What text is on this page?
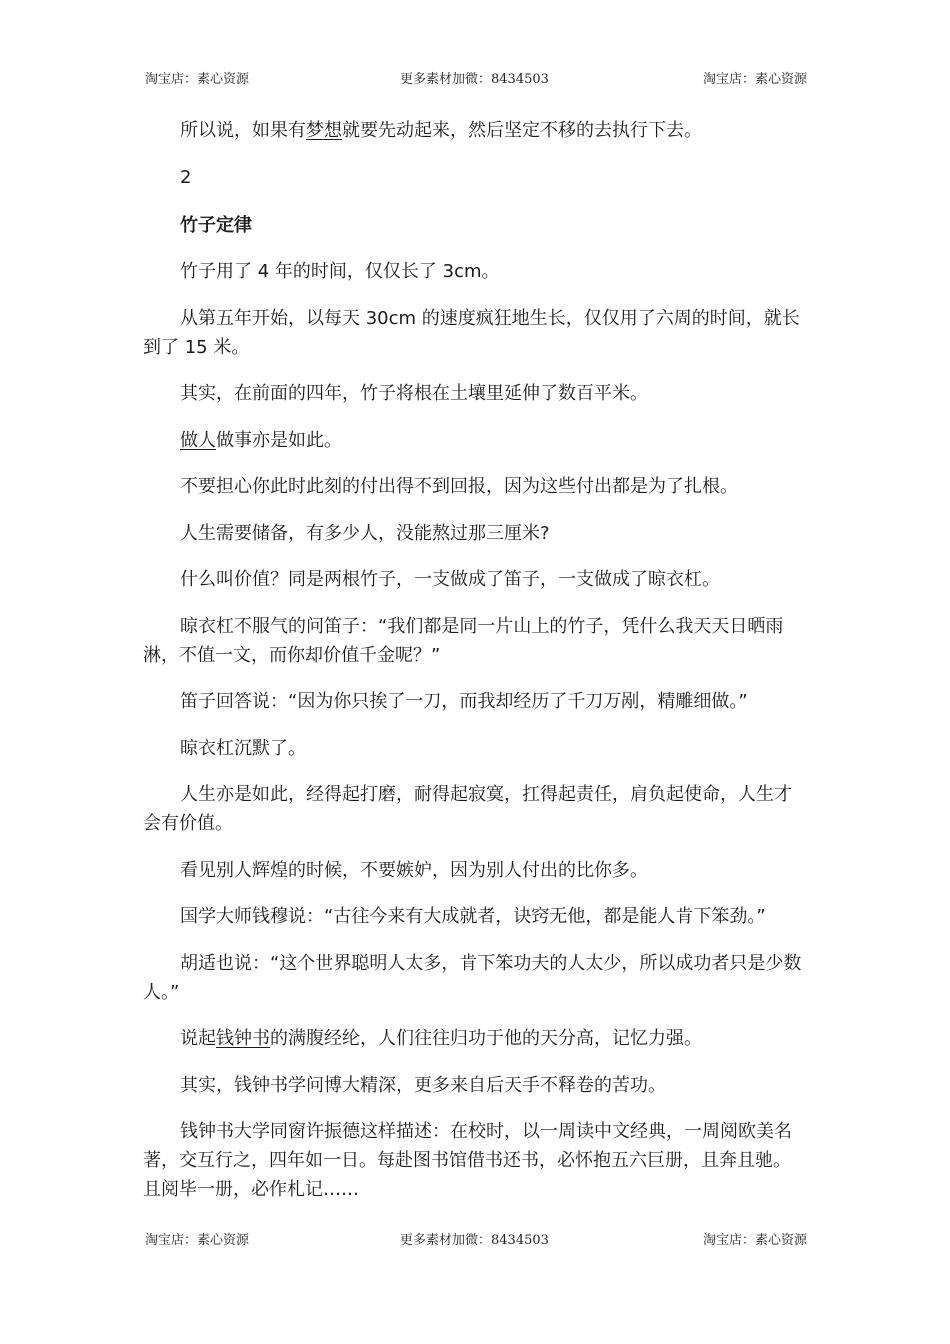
淘宝店：素心资源	更多素材加微：8434503	淘宝店：素心资源

所以说，如果有梦想就要先动起来，然后坚定不移的去执行下去。

2

竹子定律

竹子用了 4 年的时间，仅仅长了 3cm。

从第五年开始，以每天 30cm 的速度疯狂地生长，仅仅用了六周的时间，就长到了 15 米。

其实，在前面的四年，竹子将根在土壤里延伸了数百平米。

做人做事亦是如此。

不要担心你此时此刻的付出得不到回报，因为这些付出都是为了扎根。

人生需要储备，有多少人，没能熬过那三厘米?

什么叫价值？同是两根竹子，一支做成了笛子，一支做成了晾衣杠。

晾衣杠不服气的问笛子：“我们都是同一片山上的竹子，凭什么我天天日晒雨淋，不值一文，而你却价值千金呢？”

笛子回答说：“因为你只挨了一刀，而我却经历了千刀万剐，精雕细做。”

晾衣杠沉默了。

人生亦是如此，经得起打磨，耐得起寂寞，扛得起责任，肩负起使命，人生才会有价值。

看见别人辉煌的时候，不要嫉妒，因为别人付出的比你多。

国学大师钱穆说：“古往今来有大成就者，诀窍无他，都是能人肯下笨劲。”

胡适也说：“这个世界聪明人太多，肯下笨功夫的人太少，所以成功者只是少数人。”

说起钱钟书的满腹经纶，人们往往归功于他的天分高，记忆力强。

其实，钱钟书学问博大精深，更多来自后天手不释卷的苦功。

钱钟书大学同窗许振德这样描述：在校时，以一周读中文经典，一周阅欧美名著，交互行之，四年如一日。每赴图书馆借书还书，必怀抱五六巨册，且奔且驰。且阅毕一册，必作札记……

淘宝店：素心资源	更多素材加微：8434503	淘宝店：素心资源
